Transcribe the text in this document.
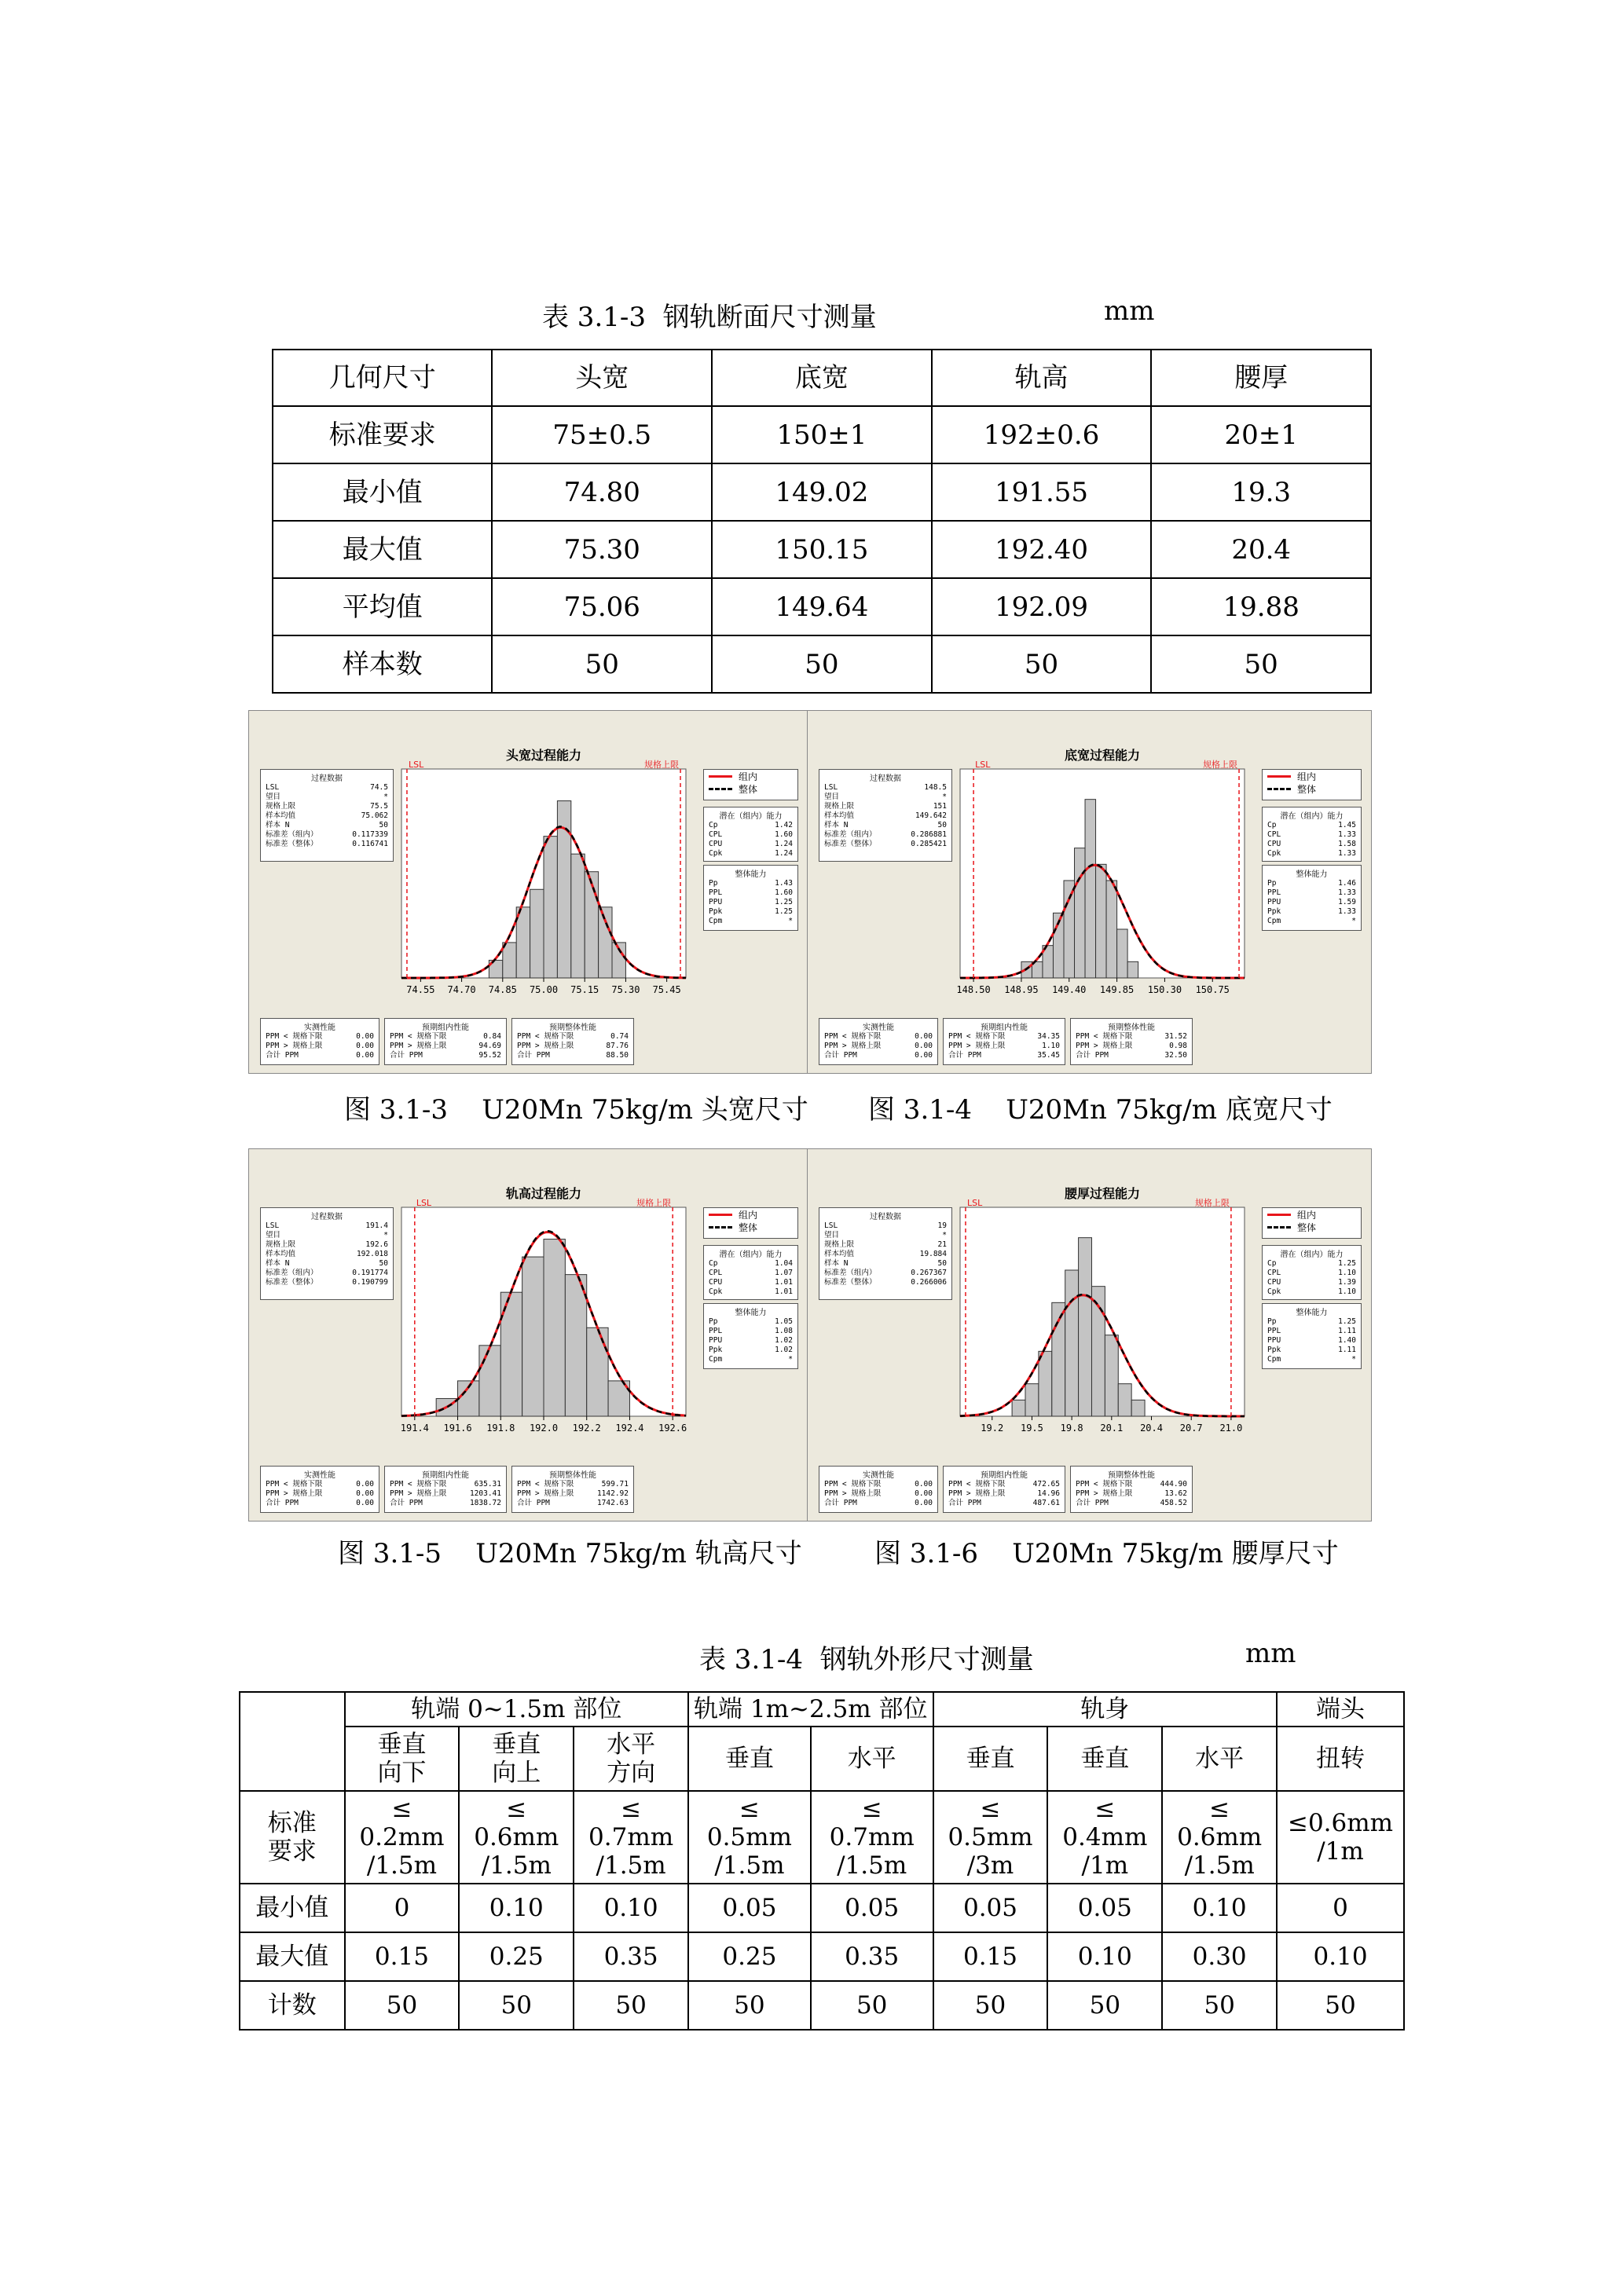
表 3.1-3  钢轨断面尺寸测量	mm
几何尺寸	头宽	底宽	轨高	腰厚
标准要求	75±0.5	150±1	192±0.6	20±1
最小值	74.80	149.02	191.55	19.3
最大值	75.30	150.15	192.40	20.4
平均值	75.06	149.64	192.09	19.88
样本数	50	50	50	50
LSL	规格上限
74.55 74.70 74.85 75.00 75.15 75.30 75.45
头宽过程能力
组内
整体
过程数据
LSL	74.5
望目	*
规格上限	75.5
样本均值	75.062
样本 N	50
标准差（组内）	0.117339
标准差（整体）	0.116741
潜在（组内）能力
Cp	1.42
CPL	1.60
CPU	1.24
Cpk	1.24
整体能力
Pp	1.43
PPL	1.60
PPU	1.25
Ppk	1.25
Cpm	*
实测性能
PPM < 规格下限	0.00
PPM > 规格上限	0.00
合计 PPM	0.00
预期组内性能
PPM < 规格下限	0.84
PPM > 规格上限	94.69
合计 PPM	95.52
预期整体性能
PPM < 规格下限	0.74
PPM > 规格上限	87.76
合计 PPM	88.50
LSL	规格上限
148.50 148.95 149.40 149.85 150.30 150.75
底宽过程能力
组内
整体
过程数据
LSL	148.5
望目	*
规格上限	151
样本均值	149.642
样本 N	50
标准差（组内）	0.286881
标准差（整体）	0.285421
潜在（组内）能力
Cp	1.45
CPL	1.33
CPU	1.58
Cpk	1.33
整体能力
Pp	1.46
PPL	1.33
PPU	1.59
Ppk	1.33
Cpm	*
实测性能
PPM < 规格下限	0.00
PPM > 规格上限	0.00
合计 PPM	0.00
预期组内性能
PPM < 规格下限	34.35
PPM > 规格上限	1.10
合计 PPM	35.45
预期整体性能
PPM < 规格下限	31.52
PPM > 规格上限	0.98
合计 PPM	32.50
LSL	规格上限
191.4 191.6 191.8 192.0 192.2 192.4 192.6
轨高过程能力
组内
整体
过程数据
LSL	191.4
望目	*
规格上限	192.6
样本均值	192.018
样本 N	50
标准差（组内）	0.191774
标准差（整体）	0.190799
潜在（组内）能力
Cp	1.04
CPL	1.07
CPU	1.01
Cpk	1.01
整体能力
Pp	1.05
PPL	1.08
PPU	1.02
Ppk	1.02
Cpm	*
实测性能
PPM < 规格下限	0.00
PPM > 规格上限	0.00
合计 PPM	0.00
预期组内性能
PPM < 规格下限	635.31
PPM > 规格上限	1203.41
合计 PPM	1838.72
预期整体性能
PPM < 规格下限	599.71
PPM > 规格上限	1142.92
合计 PPM	1742.63
LSL	规格上限
19.2 19.5 19.8 20.1 20.4 20.7 21.0
腰厚过程能力
组内
整体
过程数据
LSL	19
望目	*
规格上限	21
样本均值	19.884
样本 N	50
标准差（组内）	0.267367
标准差（整体）	0.266006
潜在（组内）能力
Cp	1.25
CPL	1.10
CPU	1.39
Cpk	1.10
整体能力
Pp	1.25
PPL	1.11
PPU	1.40
Ppk	1.11
Cpm	*
实测性能
PPM < 规格下限	0.00
PPM > 规格上限	0.00
合计 PPM	0.00
预期组内性能
PPM < 规格下限	472.65
PPM > 规格上限	14.96
合计 PPM	487.61
预期整体性能
PPM < 规格下限	444.90
PPM > 规格上限	13.62
合计 PPM	458.52
图 3.1-3    U20Mn 75kg/m 头宽尺寸 图 3.1-4    U20Mn 75kg/m 底宽尺寸
图 3.1-5    U20Mn 75kg/m 轨高尺寸	图 3.1-6    U20Mn 75kg/m 腰厚尺寸
表 3.1-4  钢轨外形尺寸测量	mm
	轨端 0~1.5m 部位			轨端 1m~2.5m 部位		轨身			端头
	垂直
向下	垂直
向上	水平
方向	垂直	水平	垂直	垂直	水平	扭转
标准
要求	≤
0.2mm
/1.5m	≤
0.6mm
/1.5m	≤
0.7mm
/1.5m	≤
0.5mm
/1.5m	≤
0.7mm
/1.5m	≤
0.5mm
/3m	≤
0.4mm
/1m	≤
0.6mm
/1.5m	≤0.6mm
/1m
最小值	0	0.10	0.10	0.05	0.05	0.05	0.05	0.10	0
最大值	0.15	0.25	0.35	0.25	0.35	0.15	0.10	0.30	0.10
计数	50	50	50	50	50	50	50	50	50
